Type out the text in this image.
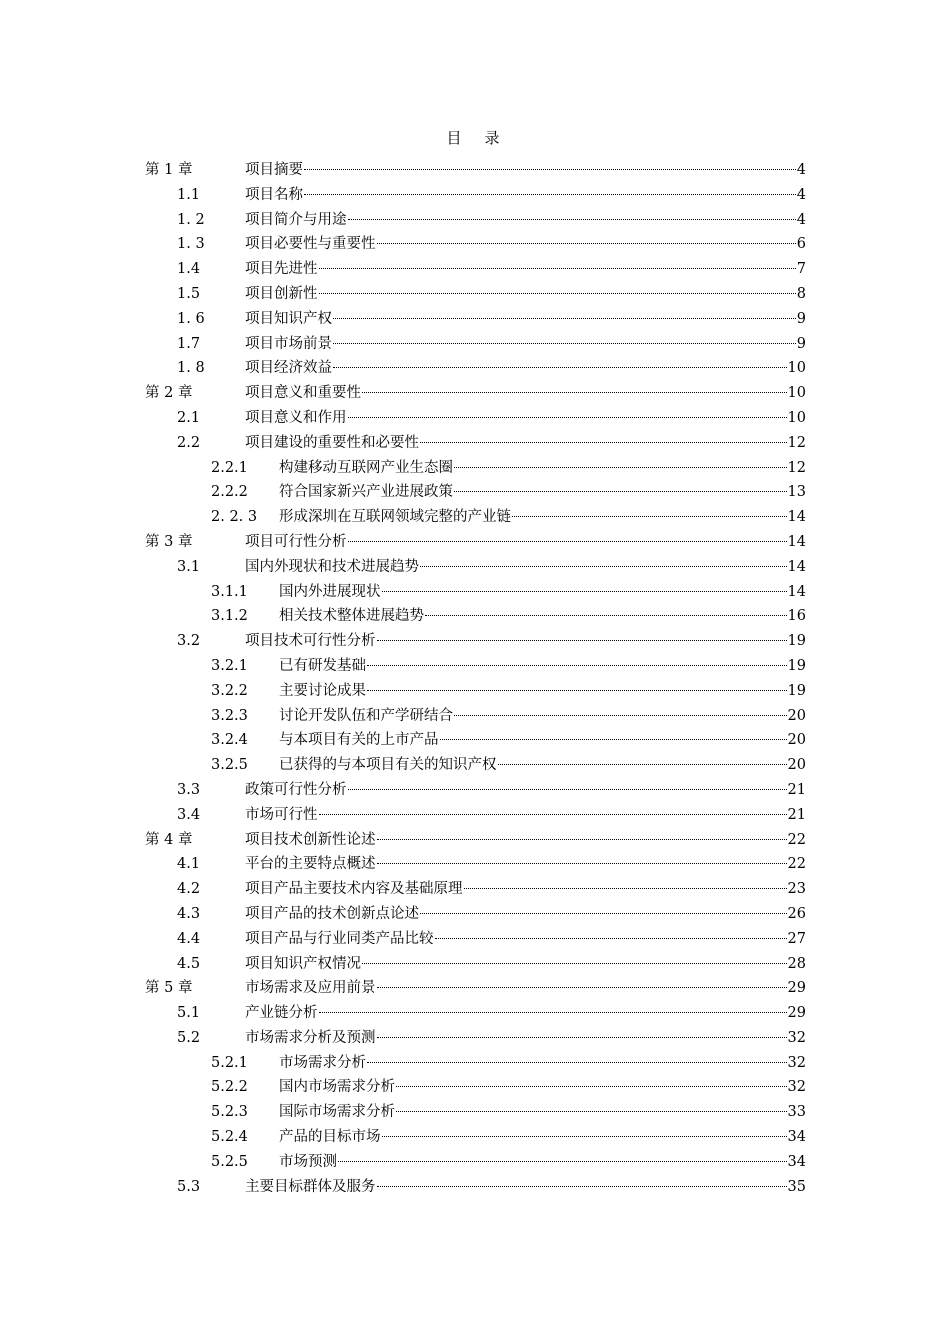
目　录
第 1 章	项目摘要	4
1.1	项目名称	4
1. 2	项目简介与用途	4
1. 3	项目必要性与重要性	6
1.4	项目先进性	7
1.5	项目创新性	8
1. 6	项目知识产权	9
1.7	项目市场前景	9
1. 8	项目经济效益	10
第 2 章	项目意义和重要性	10
2.1	项目意义和作用	10
2.2	项目建设的重要性和必要性	12
2.2.1	构建移动互联网产业生态圈	12
2.2.2	符合国家新兴产业进展政策	13
2. 2. 3	形成深圳在互联网领域完整的产业链	14
第 3 章	项目可行性分析	14
3.1	国内外现状和技术进展趋势	14
3.1.1	国内外进展现状	14
3.1.2	相关技术整体进展趋势	16
3.2	项目技术可行性分析	19
3.2.1	已有研发基础	19
3.2.2	主要讨论成果	19
3.2.3	讨论开发队伍和产学研结合	20
3.2.4	与本项目有关的上市产品	20
3.2.5	已获得的与本项目有关的知识产权	20
3.3	政策可行性分析	21
3.4	市场可行性	21
第 4 章	项目技术创新性论述	22
4.1	平台的主要特点概述	22
4.2	项目产品主要技术内容及基础原理	23
4.3	项目产品的技术创新点论述	26
4.4	项目产品与行业同类产品比较	27
4.5	项目知识产权情况	28
第 5 章	市场需求及应用前景	29
5.1	产业链分析	29
5.2	市场需求分析及预测	32
5.2.1	市场需求分析	32
5.2.2	国内市场需求分析	32
5.2.3	国际市场需求分析	33
5.2.4	产品的目标市场	34
5.2.5	市场预测	34
5.3	主要目标群体及服务	35
